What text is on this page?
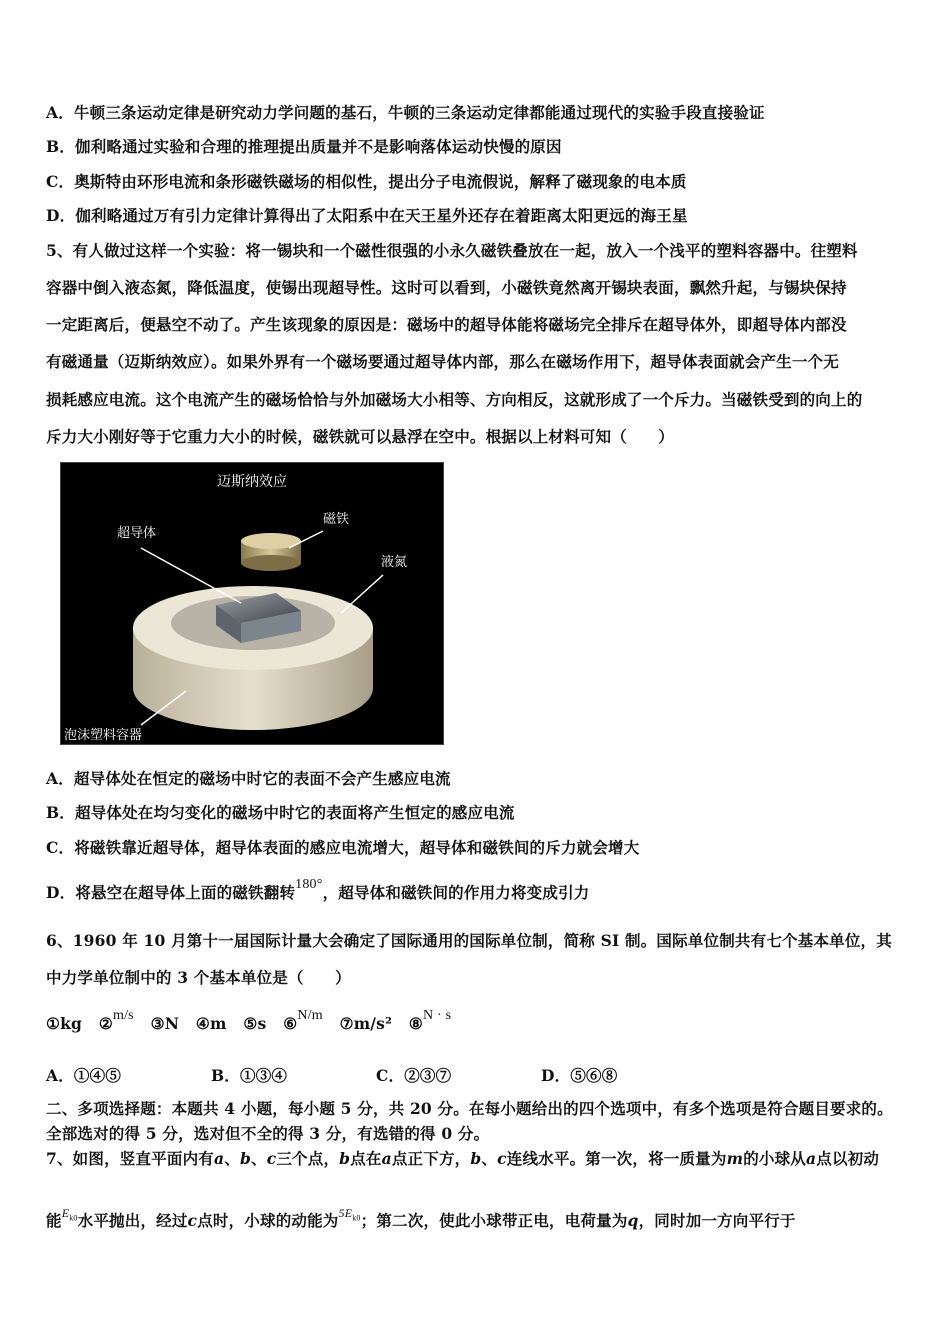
A．牛顿三条运动定律是研究动力学问题的基石，牛顿的三条运动定律都能通过现代的实验手段直接验证
B．伽利略通过实验和合理的推理提出质量并不是影响落体运动快慢的原因
C．奥斯特由环形电流和条形磁铁磁场的相似性，提出分子电流假说，解释了磁现象的电本质
D．伽利略通过万有引力定律计算得出了太阳系中在天王星外还存在着距离太阳更远的海王星
5、有人做过这样一个实验：将一锡块和一个磁性很强的小永久磁铁叠放在一起，放入一个浅平的塑料容器中。往塑料
容器中倒入液态氮，降低温度，使锡出现超导性。这时可以看到，小磁铁竟然离开锡块表面，飘然升起，与锡块保持
一定距离后，便悬空不动了。产生该现象的原因是：磁场中的超导体能将磁场完全排斥在超导体外，即超导体内部没
有磁通量（迈斯纳效应）。如果外界有一个磁场要通过超导体内部，那么在磁场作用下，超导体表面就会产生一个无
损耗感应电流。这个电流产生的磁场恰恰与外加磁场大小相等、方向相反，这就形成了一个斥力。当磁铁受到的向上的
斥力大小刚好等于它重力大小的时候，磁铁就可以悬浮在空中。根据以上材料可知（　　）
迈斯纳效应
超导体
磁铁
液氮
泡沫塑料容器
A．超导体处在恒定的磁场中时它的表面不会产生感应电流
B．超导体处在均匀变化的磁场中时它的表面将产生恒定的感应电流
C．将磁铁靠近超导体，超导体表面的感应电流增大，超导体和磁铁间的斥力就会增大
D．将悬空在超导体上面的磁铁翻转180°，超导体和磁铁间的作用力将变成引力
6、1960 年 10 月第十一届国际计量大会确定了国际通用的国际单位制，简称 SI 制。国际单位制共有七个基本单位，其
中力学单位制中的 3 个基本单位是（　　）
①kg ②m/s ③N ④m ⑤s ⑥N/m ⑦m/s² ⑧N · s
A．①④⑤	B．①③④	C．②③⑦	D．⑤⑥⑧
二、多项选择题：本题共 4 小题，每小题 5 分，共 20 分。在每小题给出的四个选项中，有多个选项是符合题目要求的。
全部选对的得 5 分，选对但不全的得 3 分，有选错的得 0 分。
7、如图，竖直平面内有a、b、c三个点，b点在a点正下方，b、c连线水平。第一次，将一质量为m的小球从a点以初动
能$^{E_{k0}}$水平抛出，经过c点时，小球的动能为$^{5E_{k0}}$；第二次，使此小球带正电，电荷量为q，同时加一方向平行于
